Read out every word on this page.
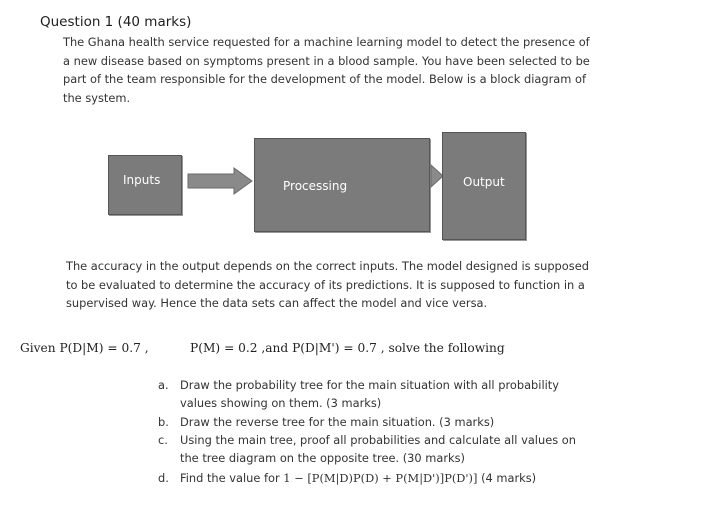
Question 1 (40 marks)
The Ghana health service requested for a machine learning model to detect the presence of a new disease based on symptoms present in a blood sample. You have been selected to be part of the team responsible for the development of the model. Below is a block diagram of the system.
Inputs	Processing	Output
The accuracy in the output depends on the correct inputs. The model designed is supposed to be evaluated to determine the accuracy of its predictions. It is supposed to function in a supervised way. Hence the data sets can affect the model and vice versa.
Given P(D|M) = 0.7 ,	P(M) = 0.2 ,and P(D|M') = 0.7 , solve the following
a. Draw the probability tree for the main situation with all probability values showing on them. (3 marks)
b. Draw the reverse tree for the main situation. (3 marks)
c. Using the main tree, proof all probabilities and calculate all values on the tree diagram on the opposite tree. (30 marks)
d. Find the value for 1 − [P(M|D)P(D) + P(M|D')]P(D')] (4 marks)
